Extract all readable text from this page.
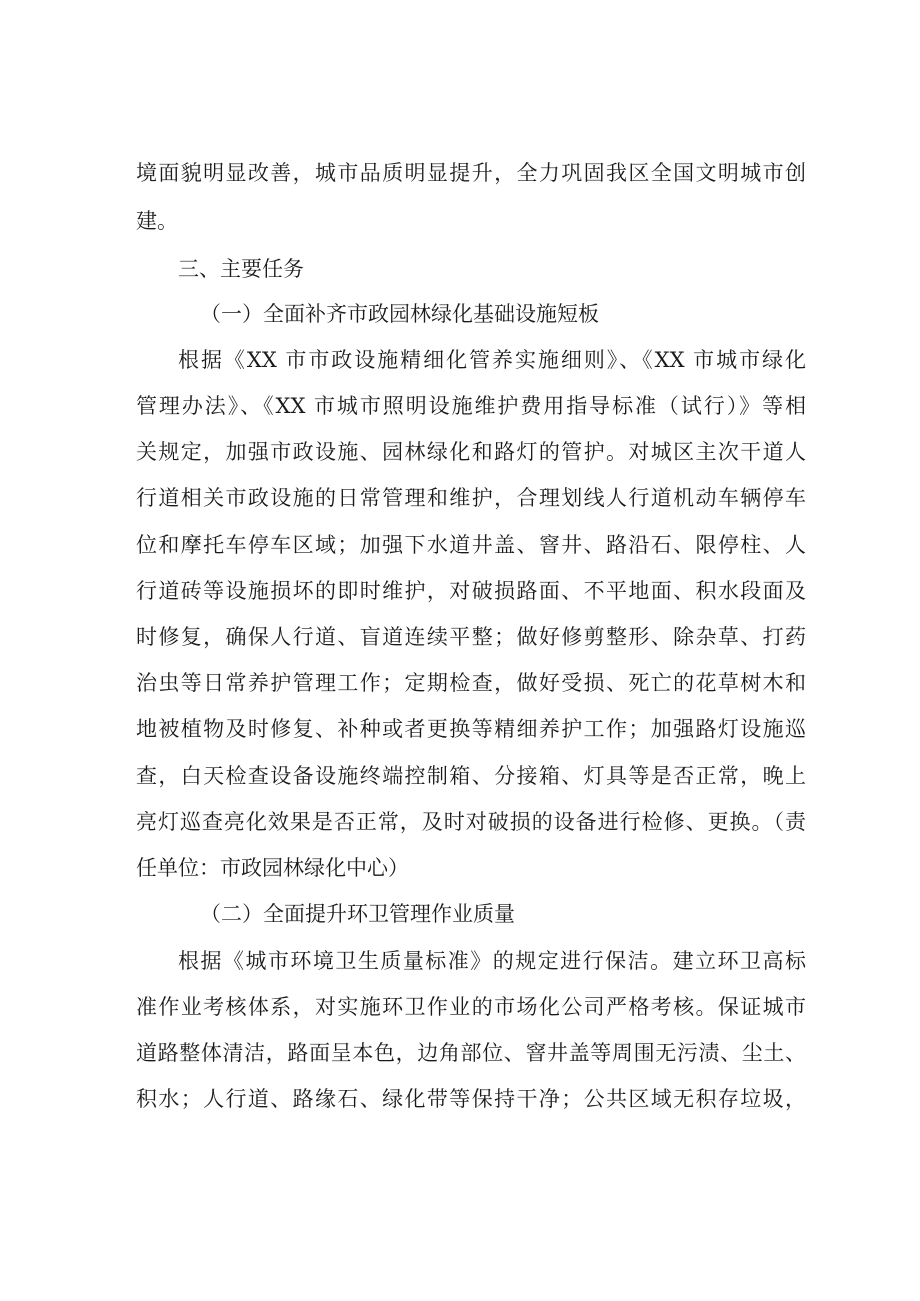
境面貌明显改善，城市品质明显提升，全力巩固我区全国文明城市创
建。
三、主要任务
（一）全面补齐市政园林绿化基础设施短板
根据《XX 市市政设施精细化管养实施细则》、《XX 市城市绿化
管理办法》、《XX 市城市照明设施维护费用指导标准（试行）》等相
关规定，加强市政设施、园林绿化和路灯的管护。对城区主次干道人
行道相关市政设施的日常管理和维护，合理划线人行道机动车辆停车
位和摩托车停车区域；加强下水道井盖、窨井、路沿石、限停柱、人
行道砖等设施损坏的即时维护，对破损路面、不平地面、积水段面及
时修复，确保人行道、盲道连续平整；做好修剪整形、除杂草、打药
治虫等日常养护管理工作；定期检查，做好受损、死亡的花草树木和
地被植物及时修复、补种或者更换等精细养护工作；加强路灯设施巡
查，白天检查设备设施终端控制箱、分接箱、灯具等是否正常，晚上
亮灯巡查亮化效果是否正常，及时对破损的设备进行检修、更换。（责
任单位：市政园林绿化中心）
（二）全面提升环卫管理作业质量
根据《城市环境卫生质量标准》的规定进行保洁。建立环卫高标
准作业考核体系，对实施环卫作业的市场化公司严格考核。保证城市
道路整体清洁，路面呈本色，边角部位、窨井盖等周围无污渍、尘土、
积水；人行道、路缘石、绿化带等保持干净；公共区域无积存垃圾，
